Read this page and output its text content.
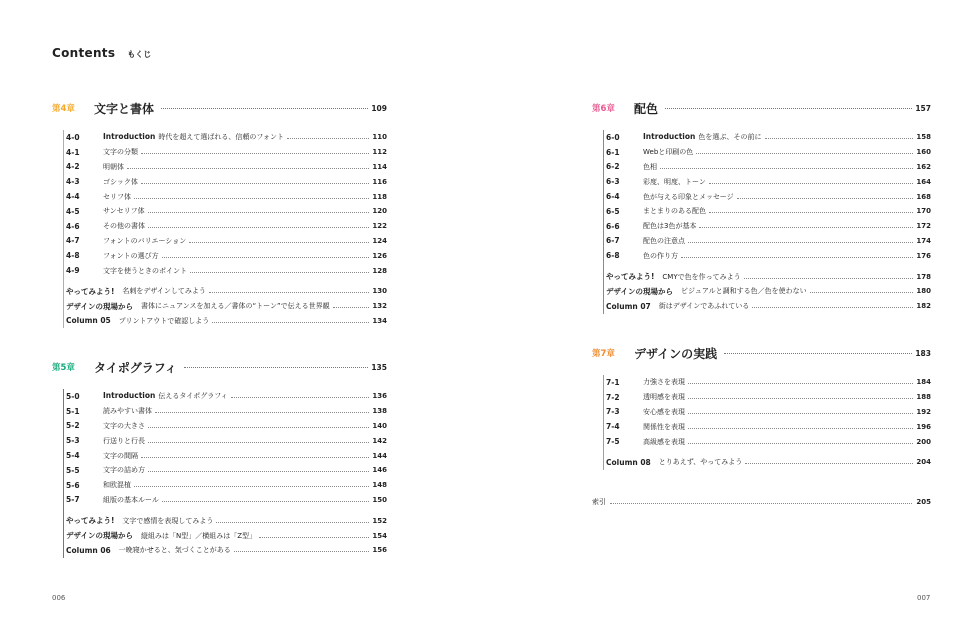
Contents もくじ
第4章	文字と書体	109
4-0	Introduction 時代を超えて選ばれる、信頼のフォント	110
4-1	文字の分類	112
4-2	明朝体	114
4-3	ゴシック体	116
4-4	セリフ体	118
4-5	サンセリフ体	120
4-6	その他の書体	122
4-7	フォントのバリエーション	124
4-8	フォントの選び方	126
4-9	文字を使うときのポイント	128
やってみよう! 名刺をデザインしてみよう	130
デザインの現場から 書体にニュアンスを加える／書体の“トーン”で伝える世界観	132
Column 05 プリントアウトで確認しよう	134
第5章	タイポグラフィ	135
5-0	Introduction 伝えるタイポグラフィ	136
5-1	読みやすい書体	138
5-2	文字の大きさ	140
5-3	行送りと行長	142
5-4	文字の間隔	144
5-5	文字の詰め方	146
5-6	和欧混植	148
5-7	組版の基本ルール	150
やってみよう! 文字で感情を表現してみよう	152
デザインの現場から 縦組みは「N型」／横組みは「Z型」	154
Column 06 一晩寝かせると、気づくことがある	156
第6章	配色	157
6-0	Introduction 色を選ぶ、その前に	158
6-1	Webと印刷の色	160
6-2	色相	162
6-3	彩度、明度、トーン	164
6-4	色が与える印象とメッセージ	168
6-5	まとまりのある配色	170
6-6	配色は3色が基本	172
6-7	配色の注意点	174
6-8	色の作り方	176
やってみよう! CMYで色を作ってみよう	178
デザインの現場から ビジュアルと調和する色／色を使わない	180
Column 07 街はデザインであふれている	182
第7章	デザインの実践	183
7-1	力強さを表現	184
7-2	透明感を表現	188
7-3	安心感を表現	192
7-4	関係性を表現	196
7-5	高級感を表現	200
Column 08 とりあえず、やってみよう	204
索引	205
006	007
